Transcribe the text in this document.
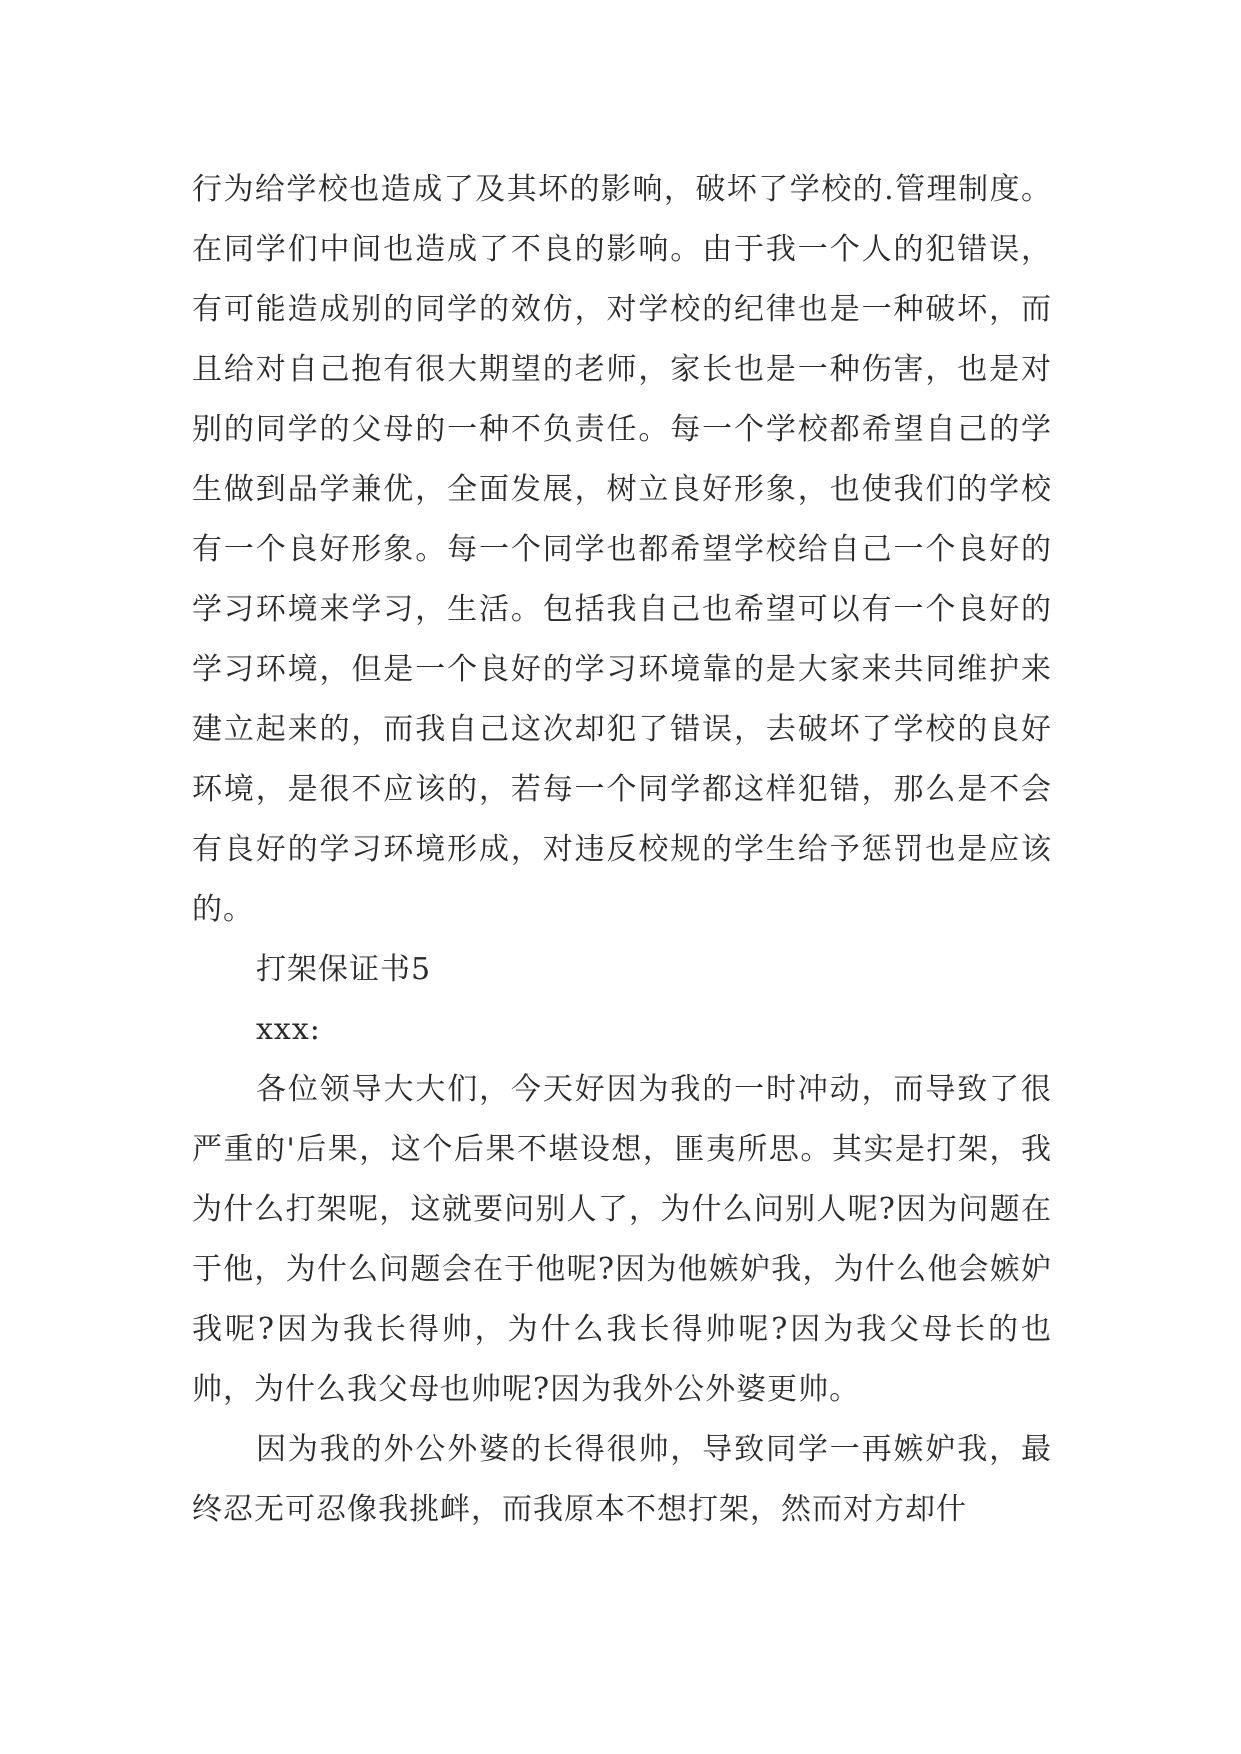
行为给学校也造成了及其坏的影响，破坏了学校的.管理制度。在同学们中间也造成了不良的影响。由于我一个人的犯错误，有可能造成别的同学的效仿，对学校的纪律也是一种破坏，而且给对自己抱有很大期望的老师，家长也是一种伤害，也是对别的同学的父母的一种不负责任。每一个学校都希望自己的学生做到品学兼优，全面发展，树立良好形象，也使我们的学校有一个良好形象。每一个同学也都希望学校给自己一个良好的学习环境来学习，生活。包括我自己也希望可以有一个良好的学习环境，但是一个良好的学习环境靠的是大家来共同维护来建立起来的，而我自己这次却犯了错误，去破坏了学校的良好环境，是很不应该的，若每一个同学都这样犯错，那么是不会有良好的学习环境形成，对违反校规的学生给予惩罚也是应该的。

打架保证书5

xxx:

各位领导大大们，今天好因为我的一时冲动，而导致了很严重的'后果，这个后果不堪设想，匪夷所思。其实是打架，我为什么打架呢，这就要问别人了，为什么问别人呢?因为问题在于他，为什么问题会在于他呢?因为他嫉妒我，为什么他会嫉妒我呢?因为我长得帅，为什么我长得帅呢?因为我父母长的也帅，为什么我父母也帅呢?因为我外公外婆更帅。

因为我的外公外婆的长得很帅，导致同学一再嫉妒我，最终忍无可忍像我挑衅，而我原本不想打架，然而对方却什
